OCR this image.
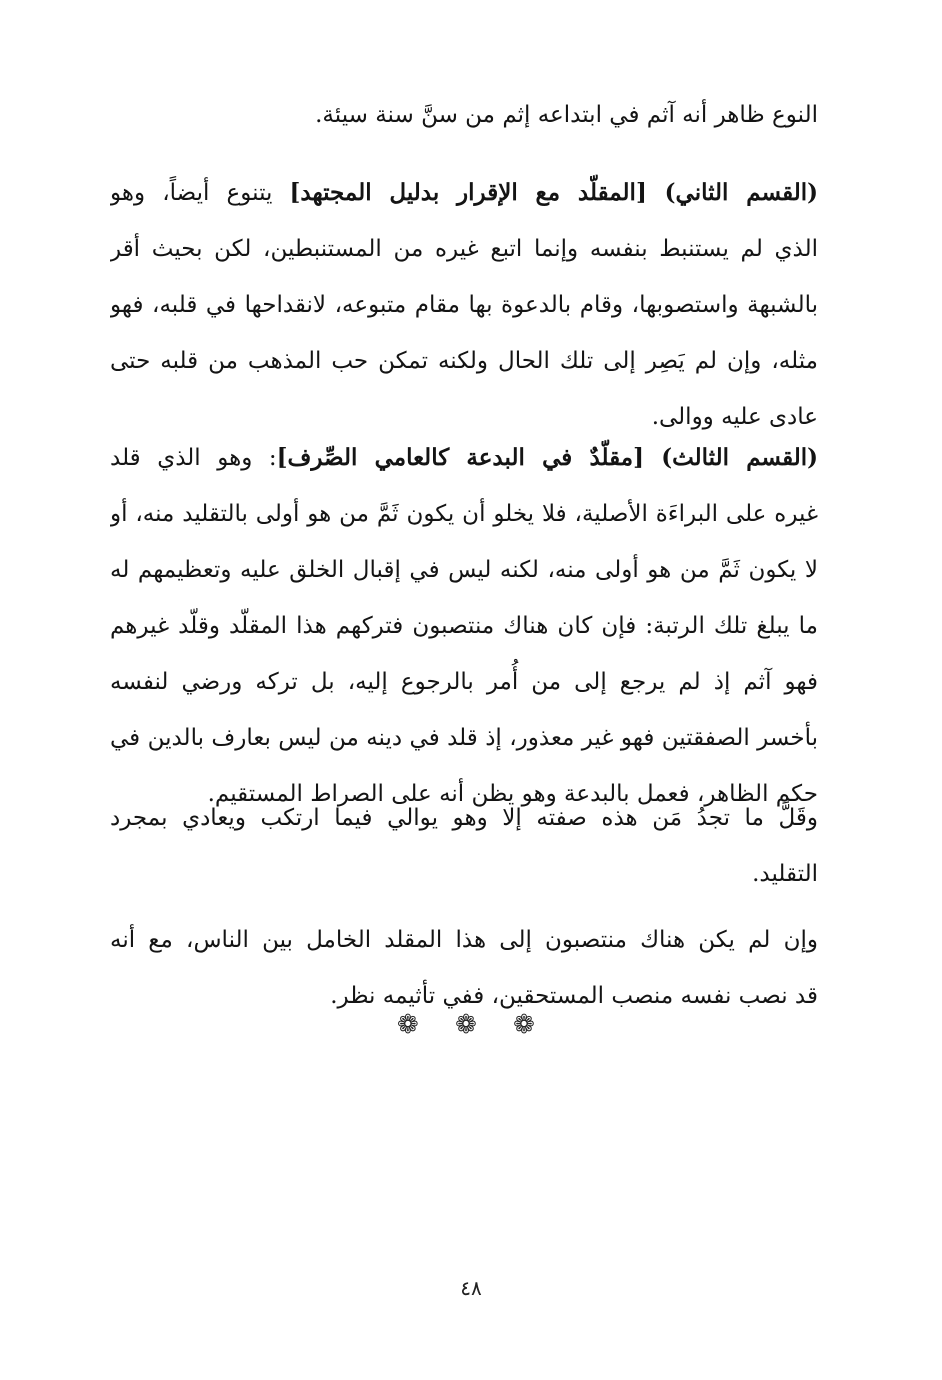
النوع ظاهر أنه آثم في ابتداعه إثم من سنَّ سنة سيئة.
(القسم الثاني) [المقلّد مع الإقرار بدليل المجتهد] يتنوع أيضاً، وهو
الذي لم يستنبط بنفسه وإنما اتبع غيره من المستنبطين، لكن بحيث أقر
بالشبهة واستصوبها، وقام بالدعوة بها مقام متبوعه، لانقداحها في قلبه، فهو
مثله، وإن لم يَصِر إلى تلك الحال ولكنه تمكن حب المذهب من قلبه حتى
عادى عليه ووالى.
(القسم الثالث) [مقلّدٌ في البدعة كالعامي الصِّرف]: وهو الذي قلد
غيره على البراءَة الأصلية، فلا يخلو أن يكون ثَمَّ من هو أولى بالتقليد منه، أو
لا يكون ثَمَّ من هو أولى منه، لكنه ليس في إقبال الخلق عليه وتعظيمهم له
ما يبلغ تلك الرتبة: فإن كان هناك منتصبون فتركهم هذا المقلّد وقلّد غيرهم
فهو آثم إذ لم يرجع إلى من أُمر بالرجوع إليه، بل تركه ورضي لنفسه
بأخسر الصفقتين فهو غير معذور، إذ قلد في دينه من ليس بعارف بالدين في
حكم الظاهر، فعمل بالبدعة وهو يظن أنه على الصراط المستقيم.
وقَلَّ ما تجدُ مَن هذه صفته إلا وهو يوالي فيما ارتكب ويعادي بمجرد
التقليد.
وإن لم يكن هناك منتصبون إلى هذا المقلد الخامل بين الناس، مع أنه
قد نصب نفسه منصب المستحقين، ففي تأثيمه نظر.
❁ ❁ ❁
٤٨
